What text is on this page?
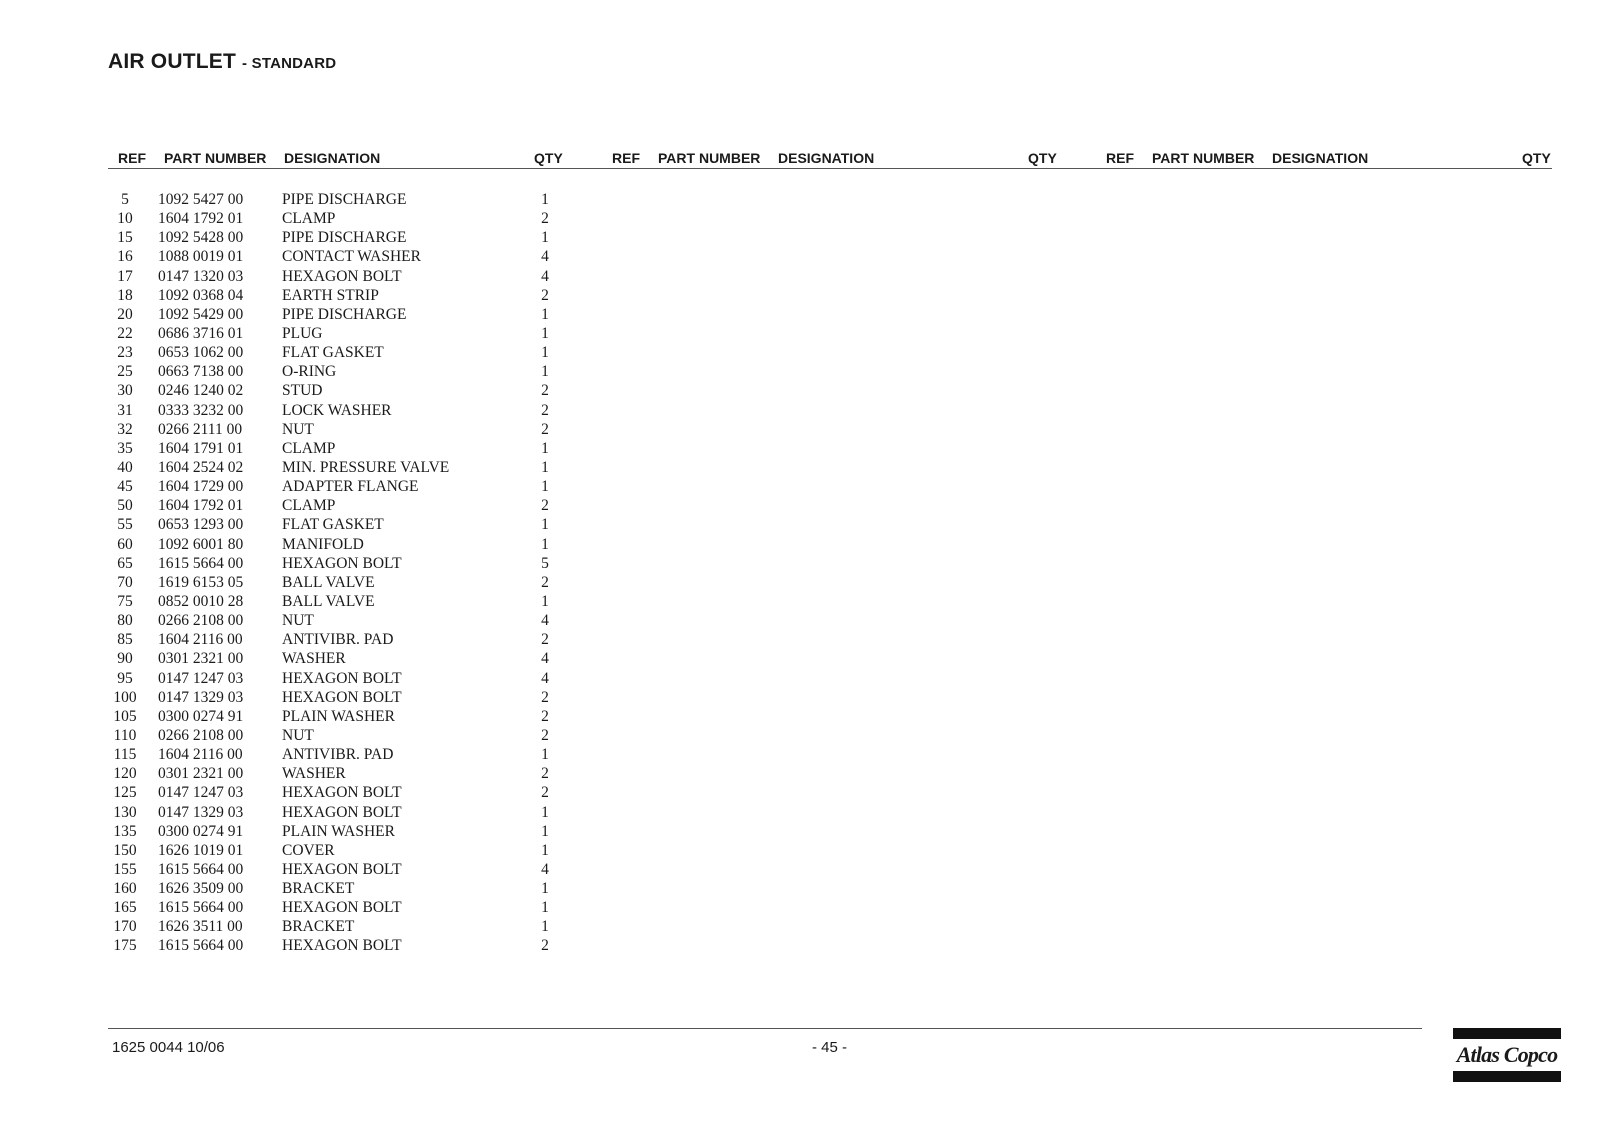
AIR OUTLET - STANDARD
REF PART NUMBER DESIGNATION	QTY	REF PART NUMBER DESIGNATION	QTY	REF PART NUMBER DESIGNATION	QTY
5	1092 5427 00	PIPE DISCHARGE	1
10	1604 1792 01	CLAMP	2
15	1092 5428 00	PIPE DISCHARGE	1
16	1088 0019 01	CONTACT WASHER	4
17	0147 1320 03	HEXAGON BOLT	4
18	1092 0368 04	EARTH STRIP	2
20	1092 5429 00	PIPE DISCHARGE	1
22	0686 3716 01	PLUG	1
23	0653 1062 00	FLAT GASKET	1
25	0663 7138 00	O-RING	1
30	0246 1240 02	STUD	2
31	0333 3232 00	LOCK WASHER	2
32	0266 2111 00	NUT	2
35	1604 1791 01	CLAMP	1
40	1604 2524 02	MIN. PRESSURE VALVE	1
45	1604 1729 00	ADAPTER FLANGE	1
50	1604 1792 01	CLAMP	2
55	0653 1293 00	FLAT GASKET	1
60	1092 6001 80	MANIFOLD	1
65	1615 5664 00	HEXAGON BOLT	5
70	1619 6153 05	BALL VALVE	2
75	0852 0010 28	BALL VALVE	1
80	0266 2108 00	NUT	4
85	1604 2116 00	ANTIVIBR. PAD	2
90	0301 2321 00	WASHER	4
95	0147 1247 03	HEXAGON BOLT	4
100 0147 1329 03	HEXAGON BOLT	2
105 0300 0274 91	PLAIN WASHER	2
110 0266 2108 00	NUT	2
115 1604 2116 00	ANTIVIBR. PAD	1
120 0301 2321 00	WASHER	2
125 0147 1247 03	HEXAGON BOLT	2
130 0147 1329 03	HEXAGON BOLT	1
135 0300 0274 91	PLAIN WASHER	1
150 1626 1019 01	COVER	1
155 1615 5664 00	HEXAGON BOLT	4
160 1626 3509 00	BRACKET	1
165 1615 5664 00	HEXAGON BOLT	1
170 1626 3511 00	BRACKET	1
175 1615 5664 00	HEXAGON BOLT	2
1625 0044 10/06	- 45 -	Atlas Copco
